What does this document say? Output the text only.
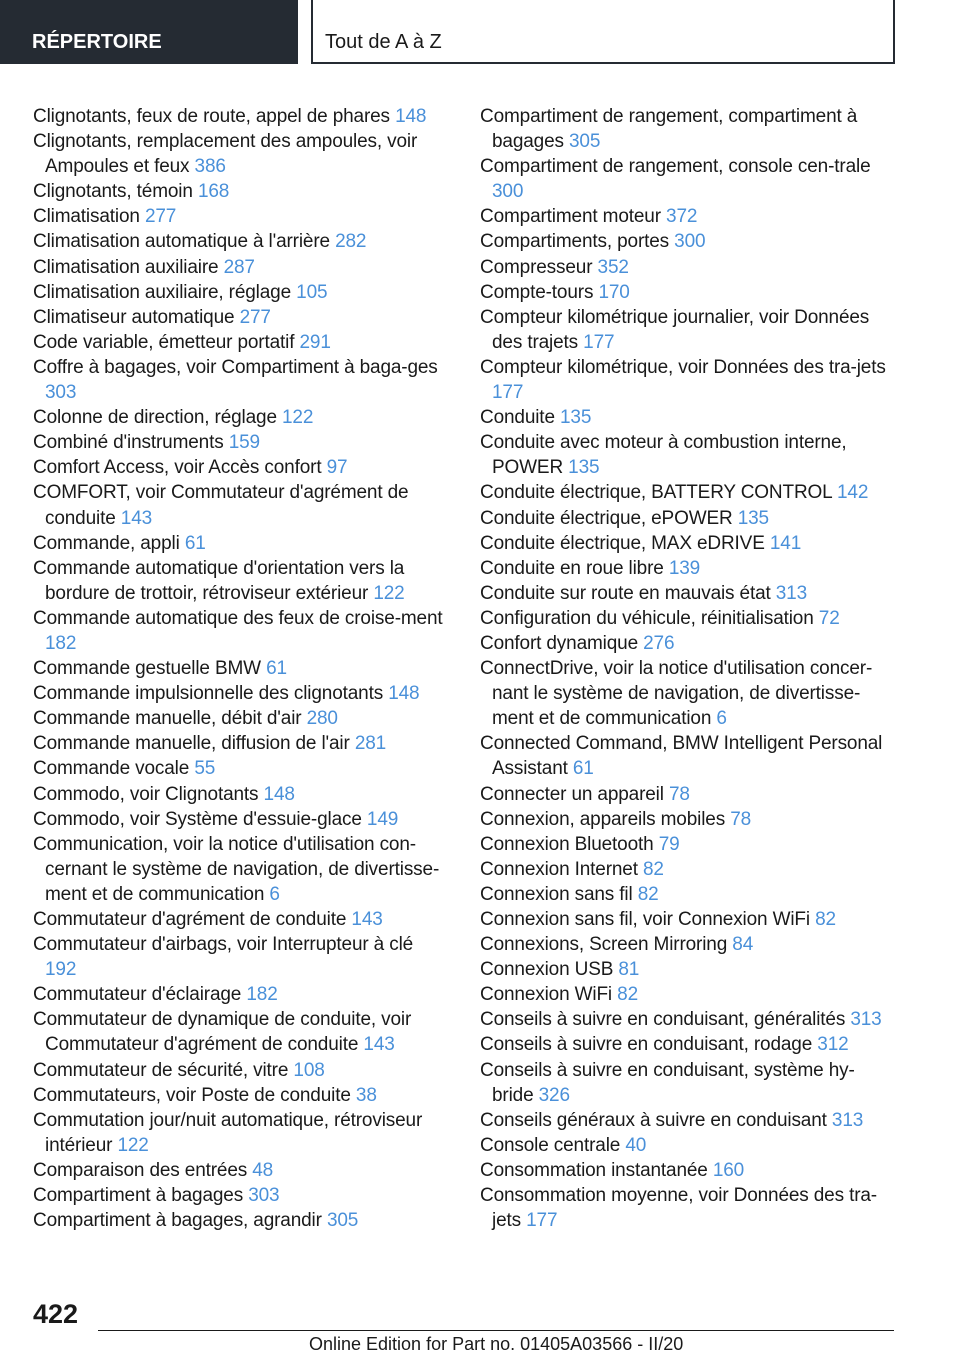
RÉPERTOIRE	Tout de A à Z
Clignotants, feux de route, appel de phares 148
Clignotants, remplacement des ampoules, voir Ampoules et feux 386
Clignotants, témoin 168
Climatisation 277
Climatisation automatique à l'arrière 282
Climatisation auxiliaire 287
Climatisation auxiliaire, réglage 105
Climatiseur automatique 277
Code variable, émetteur portatif 291
Coffre à bagages, voir Compartiment à baga-ges 303
Colonne de direction, réglage 122
Combiné d'instruments 159
Comfort Access, voir Accès confort 97
COMFORT, voir Commutateur d'agrément de conduite 143
Commande, appli 61
Commande automatique d'orientation vers la bordure de trottoir, rétroviseur extérieur 122
Commande automatique des feux de croise-ment 182
Commande gestuelle BMW 61
Commande impulsionnelle des clignotants 148
Commande manuelle, débit d'air 280
Commande manuelle, diffusion de l'air 281
Commande vocale 55
Commodo, voir Clignotants 148
Commodo, voir Système d'essuie-glace 149
Communication, voir la notice d'utilisation con-cernant le système de navigation, de divertisse-ment et de communication 6
Commutateur d'agrément de conduite 143
Commutateur d'airbags, voir Interrupteur à clé 192
Commutateur d'éclairage 182
Commutateur de dynamique de conduite, voir Commutateur d'agrément de conduite 143
Commutateur de sécurité, vitre 108
Commutateurs, voir Poste de conduite 38
Commutation jour/nuit automatique, rétroviseur intérieur 122
Comparaison des entrées 48
Compartiment à bagages 303
Compartiment à bagages, agrandir 305
Compartiment de rangement, compartiment à bagages 305
Compartiment de rangement, console cen-trale 300
Compartiment moteur 372
Compartiments, portes 300
Compresseur 352
Compte-tours 170
Compteur kilométrique journalier, voir Données des trajets 177
Compteur kilométrique, voir Données des tra-jets 177
Conduite 135
Conduite avec moteur à combustion interne, POWER 135
Conduite électrique, BATTERY CONTROL 142
Conduite électrique, ePOWER 135
Conduite électrique, MAX eDRIVE 141
Conduite en roue libre 139
Conduite sur route en mauvais état 313
Configuration du véhicule, réinitialisation 72
Confort dynamique 276
ConnectDrive, voir la notice d'utilisation concer-nant le système de navigation, de divertisse-ment et de communication 6
Connected Command, BMW Intelligent Personal Assistant 61
Connecter un appareil 78
Connexion, appareils mobiles 78
Connexion Bluetooth 79
Connexion Internet 82
Connexion sans fil 82
Connexion sans fil, voir Connexion WiFi 82
Connexions, Screen Mirroring 84
Connexion USB 81
Connexion WiFi 82
Conseils à suivre en conduisant, généralités 313
Conseils à suivre en conduisant, rodage 312
Conseils à suivre en conduisant, système hy-bride 326
Conseils généraux à suivre en conduisant 313
Console centrale 40
Consommation instantanée 160
Consommation moyenne, voir Données des tra-jets 177
422
Online Edition for Part no. 01405A03566 - II/20
